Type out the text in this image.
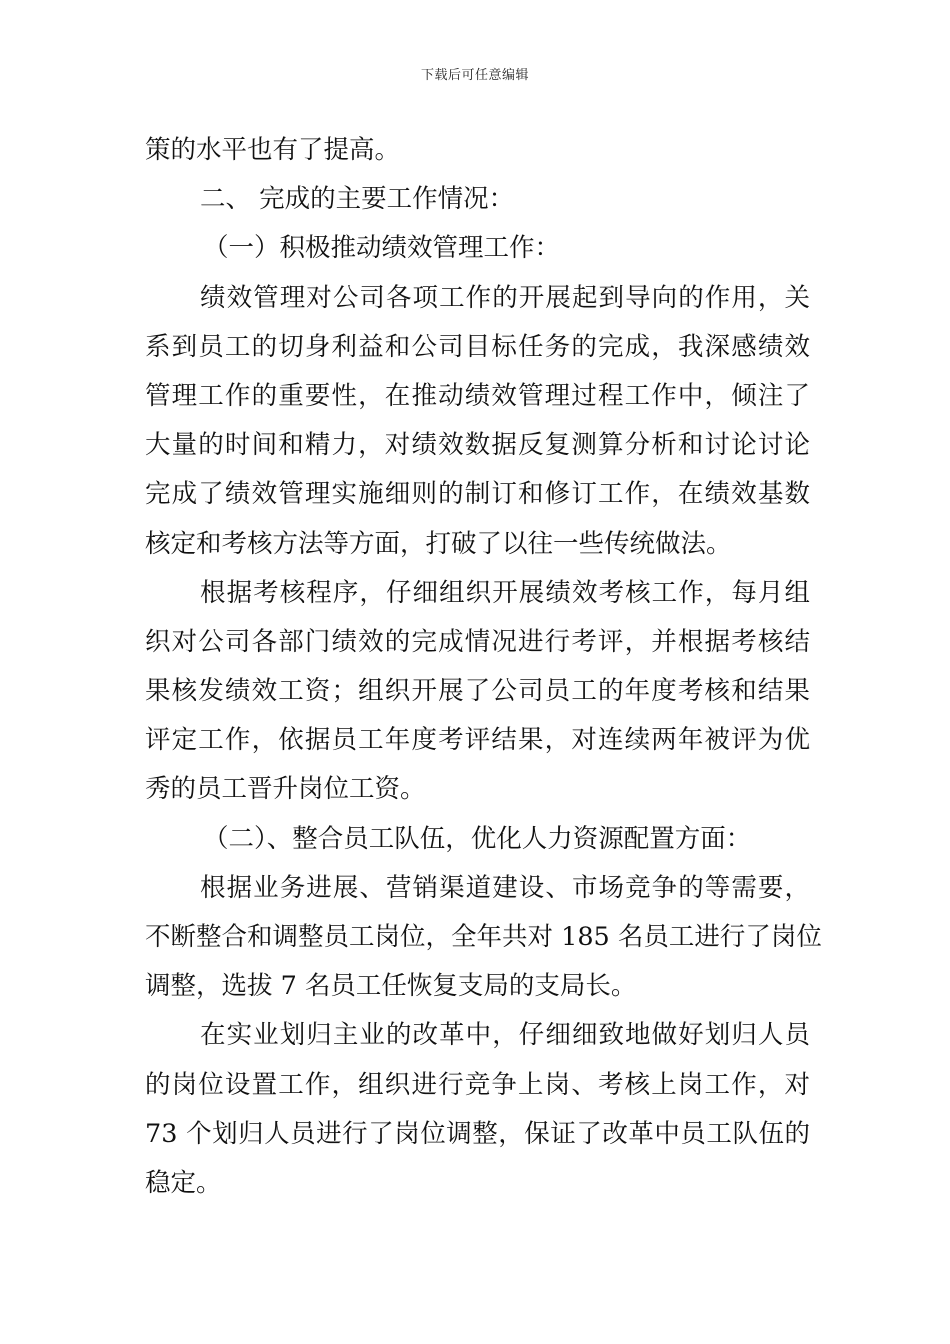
下载后可任意编辑
策的水平也有了提高。
二、 完成的主要工作情况：
（一）积极推动绩效管理工作：
绩效管理对公司各项工作的开展起到导向的作用，关
系到员工的切身利益和公司目标任务的完成，我深感绩效
管理工作的重要性，在推动绩效管理过程工作中，倾注了
大量的时间和精力，对绩效数据反复测算分析和讨论讨论
完成了绩效管理实施细则的制订和修订工作，在绩效基数
核定和考核方法等方面，打破了以往一些传统做法。
根据考核程序，仔细组织开展绩效考核工作，每月组
织对公司各部门绩效的完成情况进行考评，并根据考核结
果核发绩效工资；组织开展了公司员工的年度考核和结果
评定工作，依据员工年度考评结果，对连续两年被评为优
秀的员工晋升岗位工资。
（二）、整合员工队伍，优化人力资源配置方面：
根据业务进展、营销渠道建设、市场竞争的等需要，
不断整合和调整员工岗位，全年共对 185 名员工进行了岗位
调整，选拔 7 名员工任恢复支局的支局长。
在实业划归主业的改革中，仔细细致地做好划归人员
的岗位设置工作，组织进行竞争上岗、考核上岗工作，对
73 个划归人员进行了岗位调整，保证了改革中员工队伍的
稳定。
